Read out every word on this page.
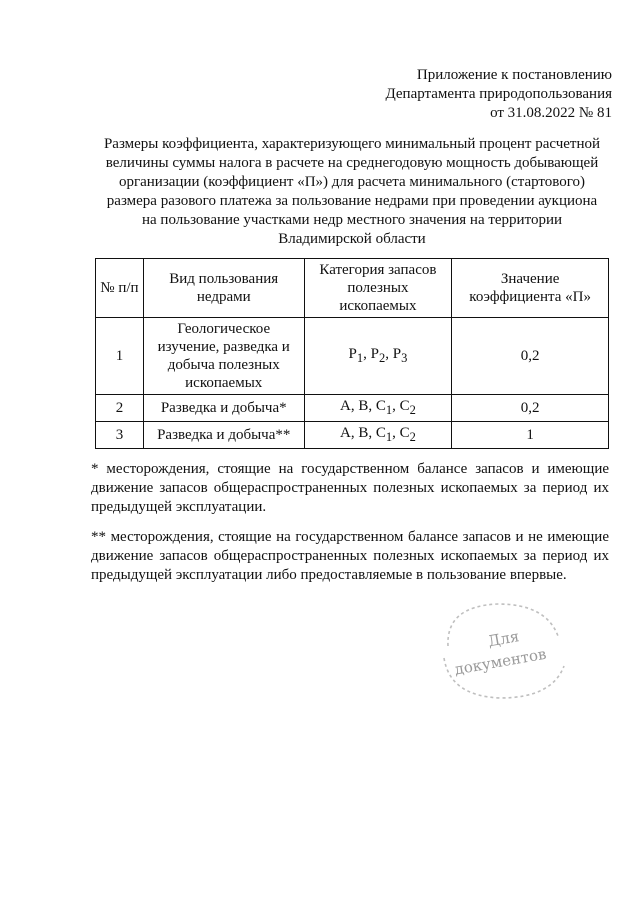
Приложение к постановлению
Департамента природопользования
от 31.08.2022 № 81
Размеры коэффициента, характеризующего минимальный процент расчетной
величины суммы налога в расчете на среднегодовую мощность добывающей
организации (коэффициент «П») для расчета минимального (стартового)
размера разового платежа за пользование недрами при проведении аукциона
на пользование участками недр местного значения на территории
Владимирской области
№ п/п	Вид пользования недрами	Категория запасов полезных ископаемых	Значение коэффициента «П»
1	Геологическое изучение, разведка и добыча полезных ископаемых	$P_1$, $P_2$, $P_3$	0,2
2	Разведка и добыча*	A, B, $C_1$, $C_2$	0,2
3	Разведка и добыча**	A, B, $C_1$, $C_2$	1

* месторождения, стоящие на государственном балансе запасов и имеющие движение запасов общераспространенных полезных ископаемых за период их предыдущей эксплуатации.

** месторождения, стоящие на государственном балансе запасов и не имеющие движение запасов общераспространенных полезных ископаемых за период их предыдущей эксплуатации либо предоставляемые в пользование впервые.

Для
документов
